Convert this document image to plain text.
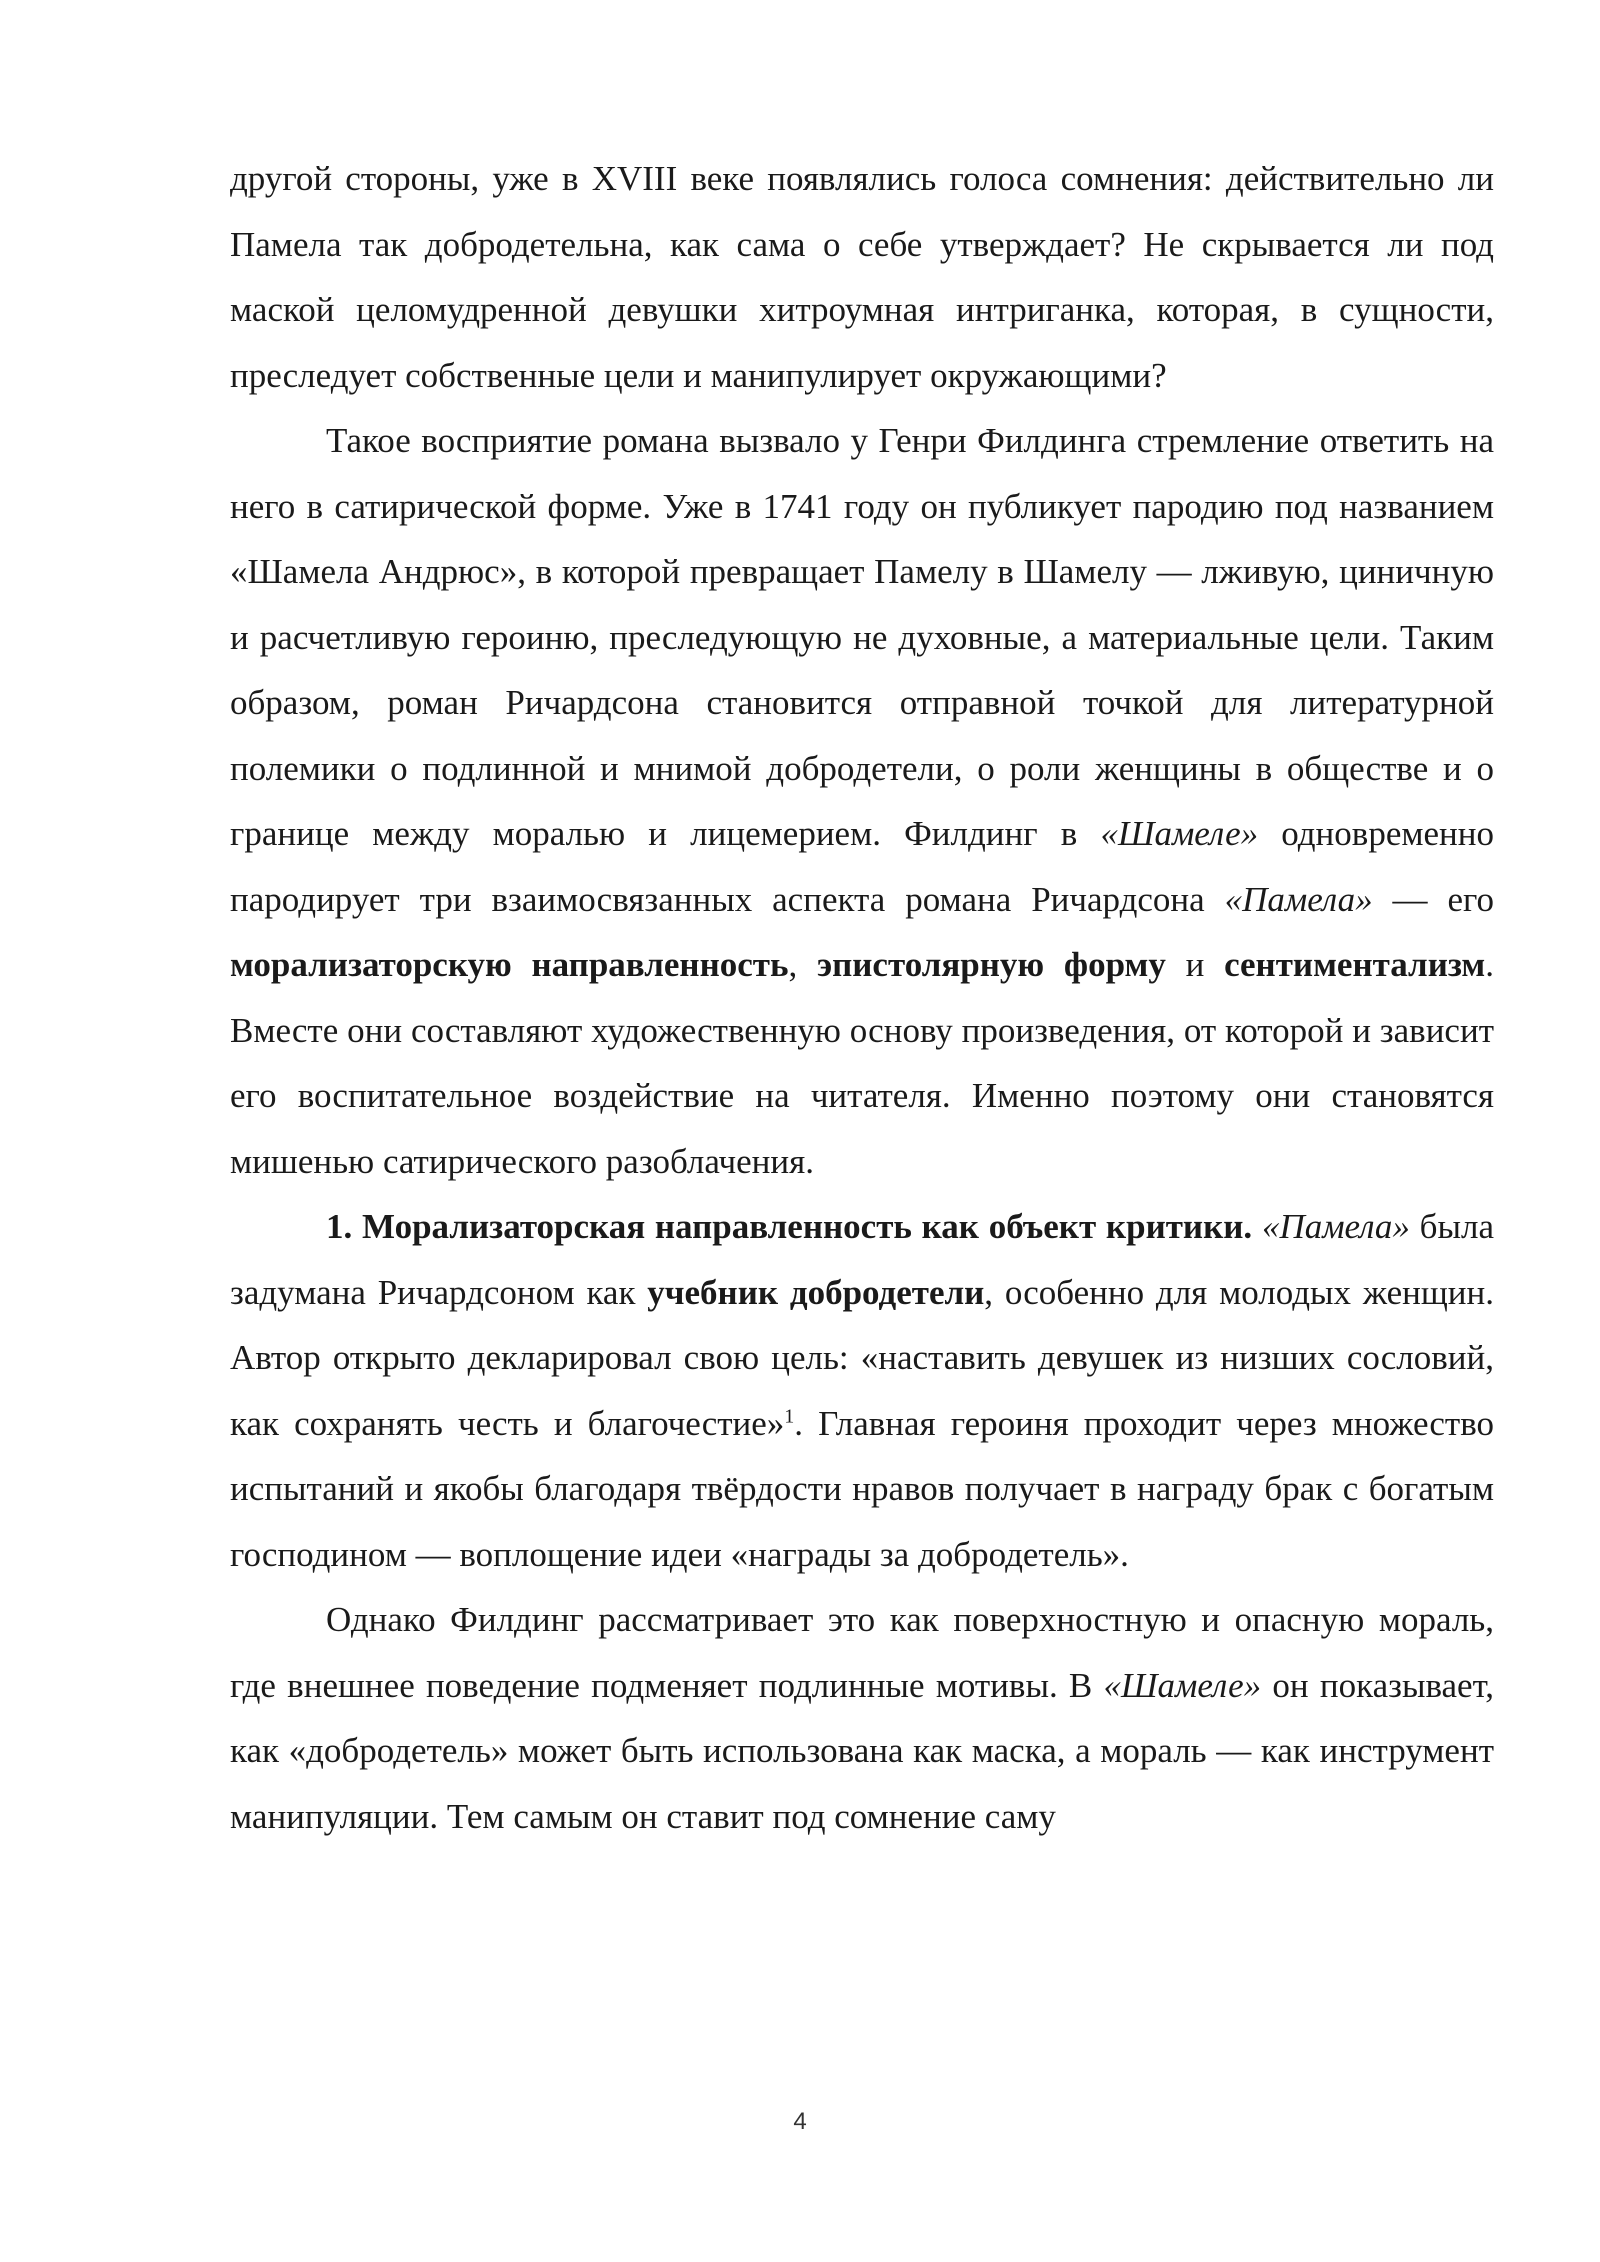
другой стороны, уже в XVIII веке появлялись голоса сомнения: действительно ли Памела так добродетельна, как сама о себе утверждает? Не скрывается ли под маской целомудренной девушки хитроумная интриганка, которая, в сущности, преследует собственные цели и манипулирует окружающими?

Такое восприятие романа вызвало у Генри Филдинга стремление ответить на него в сатирической форме. Уже в 1741 году он публикует пародию под названием «Шамела Андрюс», в которой превращает Памелу в Шамелу — лживую, циничную и расчетливую героиню, преследующую не духовные, а материальные цели. Таким образом, роман Ричардсона становится отправной точкой для литературной полемики о подлинной и мнимой добродетели, о роли женщины в обществе и о границе между моралью и лицемерием. Филдинг в «Шамеле» одновременно пародирует три взаимосвязанных аспекта романа Ричардсона «Памела» — его морализаторскую направленность, эпистолярную форму и сентиментализм. Вместе они составляют художественную основу произведения, от которой и зависит его воспитательное воздействие на читателя. Именно поэтому они становятся мишенью сатирического разоблачения.

1. Морализаторская направленность как объект критики. «Памела» была задумана Ричардсоном как учебник добродетели, особенно для молодых женщин. Автор открыто декларировал свою цель: «наставить девушек из низших сословий, как сохранять честь и благочестие»$^1$. Главная героиня проходит через множество испытаний и якобы благодаря твёрдости нравов получает в награду брак с богатым господином — воплощение идеи «награды за добродетель».

Однако Филдинг рассматривает это как поверхностную и опасную мораль, где внешнее поведение подменяет подлинные мотивы. В «Шамеле» он показывает, как «добродетель» может быть использована как маска, а мораль — как инструмент манипуляции. Тем самым он ставит под сомнение саму

4
